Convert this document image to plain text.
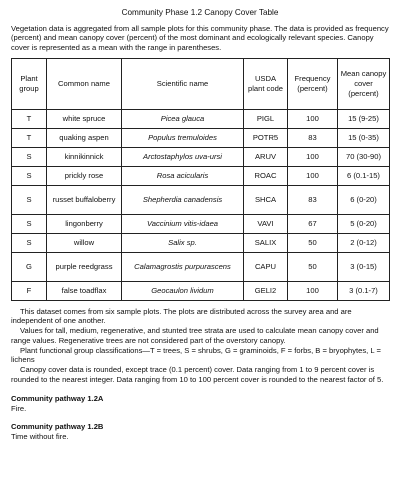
Community Phase 1.2 Canopy Cover Table

Vegetation data is aggregated from all sample plots for this community phase. The data is provided as frequency (percent) and mean canopy cover (percent) of the most dominant and ecologically relevant species. Canopy cover is represented as a mean with the range in parentheses.

Plant group	Common name	Scientific name	USDA plant code	Frequency (percent)	Mean canopy cover (percent)
T	white spruce	Picea glauca	PIGL	100	15 (9-25)
T	quaking aspen	Populus tremuloides	POTR5	83	15 (0-35)
S	kinnikinnick	Arctostaphylos uva-ursi	ARUV	100	70 (30-90)
S	prickly rose	Rosa acicularis	ROAC	100	6 (0.1-15)
S	russet buffaloberry	Shepherdia canadensis	SHCA	83	6 (0-20)
S	lingonberry	Vaccinium vitis-idaea	VAVI	67	5 (0-20)
S	willow	Salix sp.	SALIX	50	2 (0-12)
G	purple reedgrass	Calamagrostis purpurascens	CAPU	50	3 (0-15)
F	false toadflax	Geocaulon lividum	GELI2	100	3 (0.1-7)

This dataset comes from six sample plots. The plots are distributed across the survey area and are independent of one another.

Values for tall, medium, regenerative, and stunted tree strata are used to calculate mean canopy cover and range values. Regenerative trees are not considered part of the overstory canopy.

Plant functional group classifications—T = trees, S = shrubs, G = graminoids, F = forbs, B = bryophytes, L = lichens

Canopy cover data is rounded, except trace (0.1 percent) cover. Data ranging from 1 to 9 percent cover is rounded to the nearest integer. Data ranging from 10 to 100 percent cover is rounded to the nearest factor of 5.

Community pathway 1.2A
Fire.
Community pathway 1.2B
Time without fire.
